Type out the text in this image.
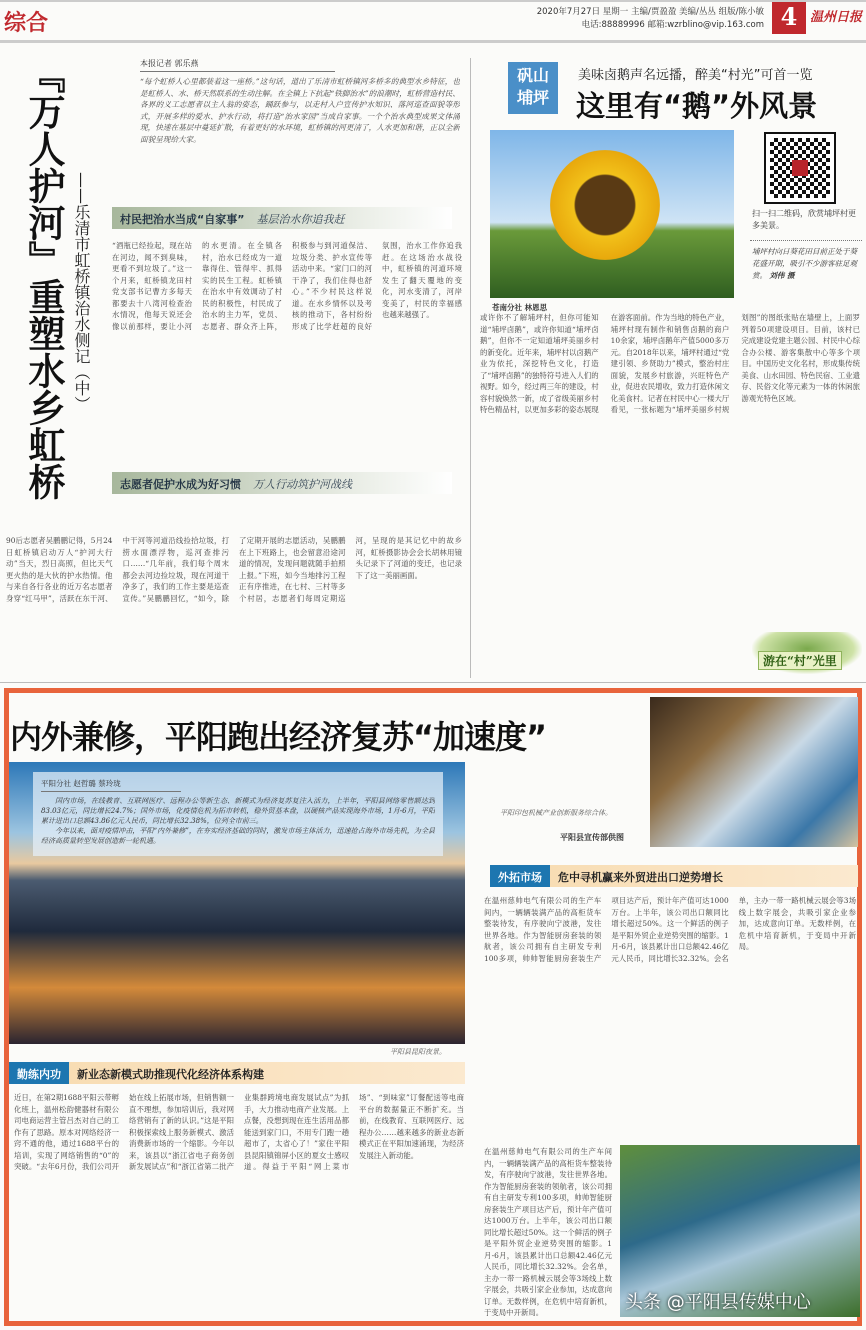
综合	2020年7月27日 星期一 主编/贾盈盈 美编/丛丛 组版/陈小敏
电话:88889996 邮箱:wzrblino@vip.163.com 4 温州日报
『万人护河』重塑水乡虹桥 ——乐清市虹桥镇治水侧记（中）
本报记者 郭乐燕
“每个虹桥人心里都装着这一座桥。”这句话，道出了乐清市虹桥镇河多桥多的典型水乡特征，也是虹桥人、水、桥天然联系的生动注解。在全镇上下抗起“铁脚治水”的浪潮时，虹桥营造村民、各界的义工志愿者以主人翁的姿态，踊跃参与，以走村入户宣传护水知识、落河巡查面貌等形式，开展多样的爱水、护水行动，将打造“治水家园”当成自家事。一个个治水典型成果文体涌现，快速在基层中蔓延扩散，有着更好的水环境，虹桥镇的河更清了，人水更加和谐，正以全新面貌呈现给大家。
村民把治水当成“自家事” 基层治水你追我赶
“酒瓶已经捡起，现在站在河边，闻不到臭味，更看不到垃圾了。”这一个月来，虹桥镇龙田村党支部书记曹方多每天都要去十八湾河检查治水情况，他每天说还会像以前那样，要让小河的水更清。在全镇各村，治水已经成为一道靠得住、管得牢、抓得实的民生工程。虹桥镇在治水中有效调动了村民的积极性，村民成了治水的主力军，党员、志愿者、群众齐上阵，积极参与到河道保洁、垃圾分类、护水宣传等活动中来。“家门口的河干净了，我们住得也舒心。”不少村民这样说道。在水乡情怀以及考核的推动下，各村纷纷形成了比学赶超的良好氛围，治水工作你追我赶。在这场治水战役中，虹桥镇的河道环境发生了翻天覆地的变化，河水变清了，河岸变美了，村民的幸福感也越来越强了。
志愿者促护水成为好习惯 万人行动筑护河战线
90后志愿者吴鹏鹏记得，5月24日虹桥镇启动万人“护河大行动”当天，烈日高照，但比天气更火热的是大伙的护水热情。他与来自各行各业的近万名志愿者身穿“红马甲”，活跃在东干河、中干河等河道沿线捡拾垃圾，打捞水面漂浮物，巡河查排污口……“几年前，我们每个周末都会去河边捡垃圾，现在河道干净多了，我们的工作主要是巡查宣传。”吴鹏鹏回忆，“如今，除了定期开展的志愿活动，吴鹏鹏在上下班路上，也会留意沿途河道的情况，发现问题就随手拍照上报。”下班，如今当地排污工程正有序推进，在七村、三村等多个村居，志愿者们每周定期巡河，呈现的是其记忆中的故乡河，虹桥摄影协会会长胡林用镜头记录下了河道的变迁，也记录下了这一美丽画面。
矾山埔坪
美味卤鹅声名远播，醉美“村光”可首一览
这里有“鹅”外风景
苍南分社 林恩思
扫一扫二维码，欣赏埔坪村更多美景。
埔坪村向日葵花田目前正处于葵花盛开期，吸引不少游客驻足观赏。 刘伟 摄
或许你不了解埔坪村，但你可能知道“埔坪卤鹅”，或许你知道“埔坪卤鹅”，但你不一定知道埔坪美丽乡村的新变化。近年来，埔坪村以卤鹅产业为依托，深挖特色文化，打造了“埔坪卤鹅”的独特符号进入人们的视野。如今，经过两三年的建设，村容村貌焕然一新，成了省级美丽乡村特色精品村，以更加多彩的姿态展现在游客面前。作为当地的特色产业，埔坪村现有制作和销售卤鹅的商户10余家，埔坪卤鹅年产值5000多万元。自2018年以来，埔坪村通过“党建引领、乡贤助力”模式，整治村庄面貌，发展乡村旅游，兴旺特色产业，促进农民增收，致力打造休闲文化美食村。记者在村民中心一楼大厅看见，一张标题为“埔坪美丽乡村规划图”的图纸张贴在墙壁上，上面罗列着50项建设项目。目前，该村已完成建设党建主题公园、村民中心综合办公楼、游客集散中心等多个项目。中国历史文化名村，形成集传统美食、山水田园、特色民宿、工业遗存、民俗文化等元素为一体的休闲旅游观光特色区域。
游在“村”光里
内外兼修，平阳跑出经济复苏“加速度”
平阳印包机械产业创新服务综合体。
平阳县宣传部供图
平阳分社 赵哲璐 蔡玲珑

国内市场，在线教育、互联网医疗、远程办公等新生态、新模式为经济复苏复注入活力，上半年，平阳县网络零售额达到83.03亿元，同比增长24.7%；国外市场，化疫情危机为拓市转机，稳外贸基本盘，以硬核产品实现海外市场，1月-6月，平阳累计进出口总额43.86亿元人民币，同比增长32.38%，位列全市前三。

今年以来，面对疫情冲击，平阳“内外兼修”，在夯实经济基础的同时，激发市场主体活力，迅速抢占海外市场先机，为全县经济高质量转型发展创造新一轮机遇。

平阳县昆阳夜景。
勤练内功	新业态新模式助推现代化经济体系构建
近日，在第2期1688平阳云带孵化班上，温州松韵健器材有限公司电商运营主管吕杰对自己的工作有了思路。原本对网络经济一窍不通的他，通过1688平台的培训，实现了网络销售的“0”的突破。“去年6月份，我们公司开始在线上拓展市场，但销售额一直不理想，参加培训后，我对网络营销有了新的认识。”这是平阳积极探索线上服务新模式、激活消费新市场的一个缩影。今年以来，该县以“浙江省电子商务创新发展试点”和“浙江省第二批产业集群跨境电商发展试点”为抓手，大力推动电商产业发展。上点餐，没想到现在连生活用品都能送到家门口，不用专门跑一趟超市了，太省心了！”家住平阳县昆阳镇锦屏小区的夏女士感叹道。得益于平阳“网上菜市场”、“到味家”订餐配送等电商平台的数据量正不断扩充。当前，在线教育、互联网医疗、远程办公……越来越多的新业态新模式正在平阳加速涌现，为经济发展注入新动能。
外拓市场	危中寻机赢来外贸进出口逆势增长
在温州慈帅电气有限公司的生产车间内，一辆辆装满产品的高柜货车整装待发，有序驶向宁波港，发往世界各地。作为智能厨房套装的领航者，该公司拥有自主研发专利100多项，帅帅智能厨房套装生产项目达产后，预计年产值可达1000万台。上半年，该公司出口额同比增长超过50%。这一个鲜活的例子是平阳外贸企业逆势突围的缩影。1月-6月，该县累计出口总额42.46亿元人民币，同比增长32.32%。会名单，主办一带一路机械云展会等3场线上数字展会，共吸引家企业参加，达成意向订单。无数样例，在危机中培育新机，于变局中开新局。
在温州慈帅电气有限公司的生产车间内，一辆辆装满产品的高柜货车整装待发，有序驶向宁波港，发往世界各地。作为智能厨房套装的领航者，该公司拥有自主研发专利100多项，帅帅智能厨房套装生产项目达产后，预计年产值可达1000万台。上半年，该公司出口额同比增长超过50%。这一个鲜活的例子是平阳外贸企业逆势突围的缩影。1月-6月，该县累计出口总额42.46亿元人民币，同比增长32.32%。会名单，主办一带一路机械云展会等3场线上数字展会，共吸引家企业参加，达成意向订单。无数样例，在危机中培育新机，于变局中开新局。	头条 @平阳县传媒中心
